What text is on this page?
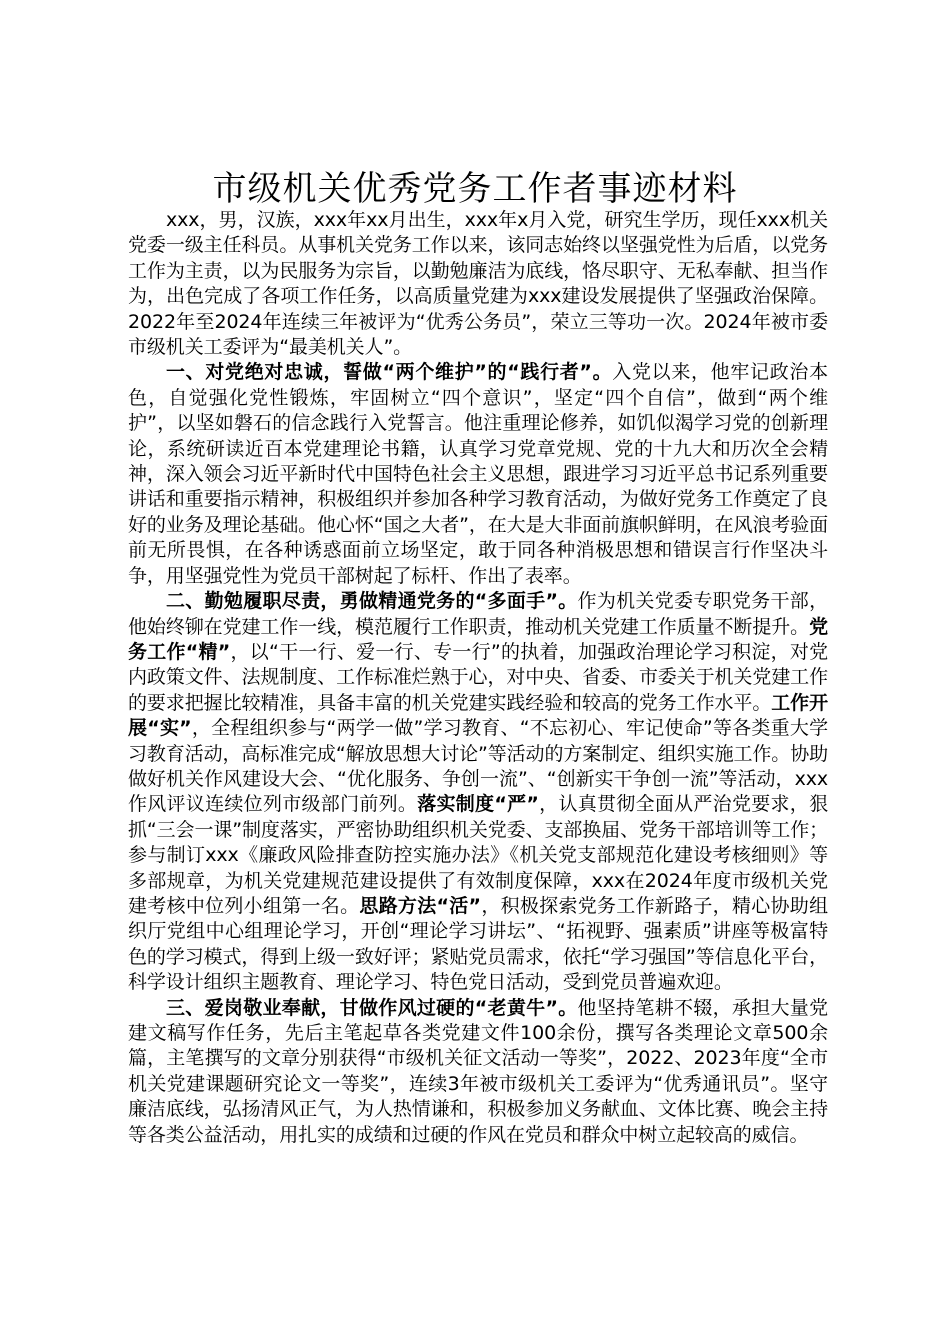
市级机关优秀党务工作者事迹材料

xxx，男，汉族，xxx年xx月出生，xxx年x月入党，研究生学历，现任xxx机关党委一级主任科员。从事机关党务工作以来，该同志始终以坚强党性为后盾，以党务工作为主责，以为民服务为宗旨，以勤勉廉洁为底线，恪尽职守、无私奉献、担当作为，出色完成了各项工作任务，以高质量党建为xxx建设发展提供了坚强政治保障。2022年至2024年连续三年被评为“优秀公务员”，荣立三等功一次。2024年被市委市级机关工委评为“最美机关人”。

一、对党绝对忠诚，誓做“两个维护”的“践行者”。入党以来，他牢记政治本色，自觉强化党性锻炼，牢固树立“四个意识”，坚定“四个自信”，做到“两个维护”，以坚如磐石的信念践行入党誓言。他注重理论修养，如饥似渴学习党的创新理论，系统研读近百本党建理论书籍，认真学习党章党规、党的十九大和历次全会精神，深入领会习近平新时代中国特色社会主义思想，跟进学习习近平总书记系列重要讲话和重要指示精神，积极组织并参加各种学习教育活动，为做好党务工作奠定了良好的业务及理论基础。他心怀“国之大者”，在大是大非面前旗帜鲜明，在风浪考验面前无所畏惧，在各种诱惑面前立场坚定，敢于同各种消极思想和错误言行作坚决斗争，用坚强党性为党员干部树起了标杆、作出了表率。

二、勤勉履职尽责，勇做精通党务的“多面手”。作为机关党委专职党务干部，他始终铆在党建工作一线，模范履行工作职责，推动机关党建工作质量不断提升。党务工作“精”，以“干一行、爱一行、专一行”的执着，加强政治理论学习积淀，对党内政策文件、法规制度、工作标准烂熟于心，对中央、省委、市委关于机关党建工作的要求把握比较精准，具备丰富的机关党建实践经验和较高的党务工作水平。工作开展“实”，全程组织参与“两学一做”学习教育、“不忘初心、牢记使命”等各类重大学习教育活动，高标准完成“解放思想大讨论”等活动的方案制定、组织实施工作。协助做好机关作风建设大会、“优化服务、争创一流”、“创新实干争创一流”等活动，xxx作风评议连续位列市级部门前列。落实制度“严”，认真贯彻全面从严治党要求，狠抓“三会一课”制度落实，严密协助组织机关党委、支部换届、党务干部培训等工作；参与制订xxx《廉政风险排查防控实施办法》《机关党支部规范化建设考核细则》等多部规章，为机关党建规范建设提供了有效制度保障，xxx在2024年度市级机关党建考核中位列小组第一名。思路方法“活”，积极探索党务工作新路子，精心协助组织厅党组中心组理论学习，开创“理论学习讲坛”、“拓视野、强素质”讲座等极富特色的学习模式，得到上级一致好评；紧贴党员需求，依托“学习强国”等信息化平台，科学设计组织主题教育、理论学习、特色党日活动，受到党员普遍欢迎。

三、爱岗敬业奉献，甘做作风过硬的“老黄牛”。他坚持笔耕不辍，承担大量党建文稿写作任务，先后主笔起草各类党建文件100余份，撰写各类理论文章500余篇，主笔撰写的文章分别获得“市级机关征文活动一等奖”，2022、2023年度“全市机关党建课题研究论文一等奖”，连续3年被市级机关工委评为“优秀通讯员”。坚守廉洁底线，弘扬清风正气，为人热情谦和，积极参加义务献血、文体比赛、晚会主持等各类公益活动，用扎实的成绩和过硬的作风在党员和群众中树立起较高的威信。
